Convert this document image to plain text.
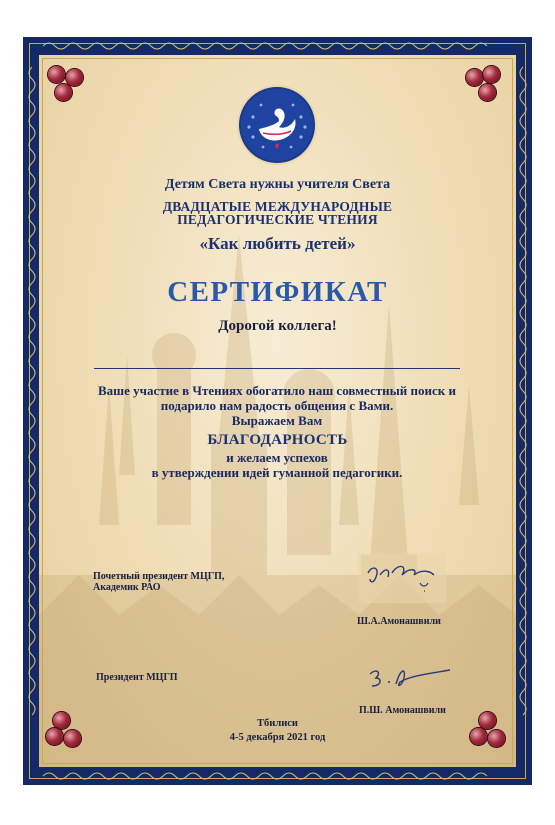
Детям Света нужны учителя Света
ДВАДЦАТЫЕ МЕЖДУНАРОДНЫЕ
ПЕДАГОГИЧЕСКИЕ ЧТЕНИЯ
«Как любить детей»
СЕРТИФИКАТ
Дорогой коллега!
Ваше участие в Чтениях обогатило наш совместный поиск и
подарило нам радость общения с Вами.
Выражаем Вам
БЛАГОДАРНОСТЬ
и желаем успехов
в утверждении идей гуманной педагогики.
Почетный президент МЦГП,
Академик РАО
Ш.А.Амонашвили
Президент МЦГП
П.Ш. Амонашвили
Тбилиси
4-5 декабря 2021 год
